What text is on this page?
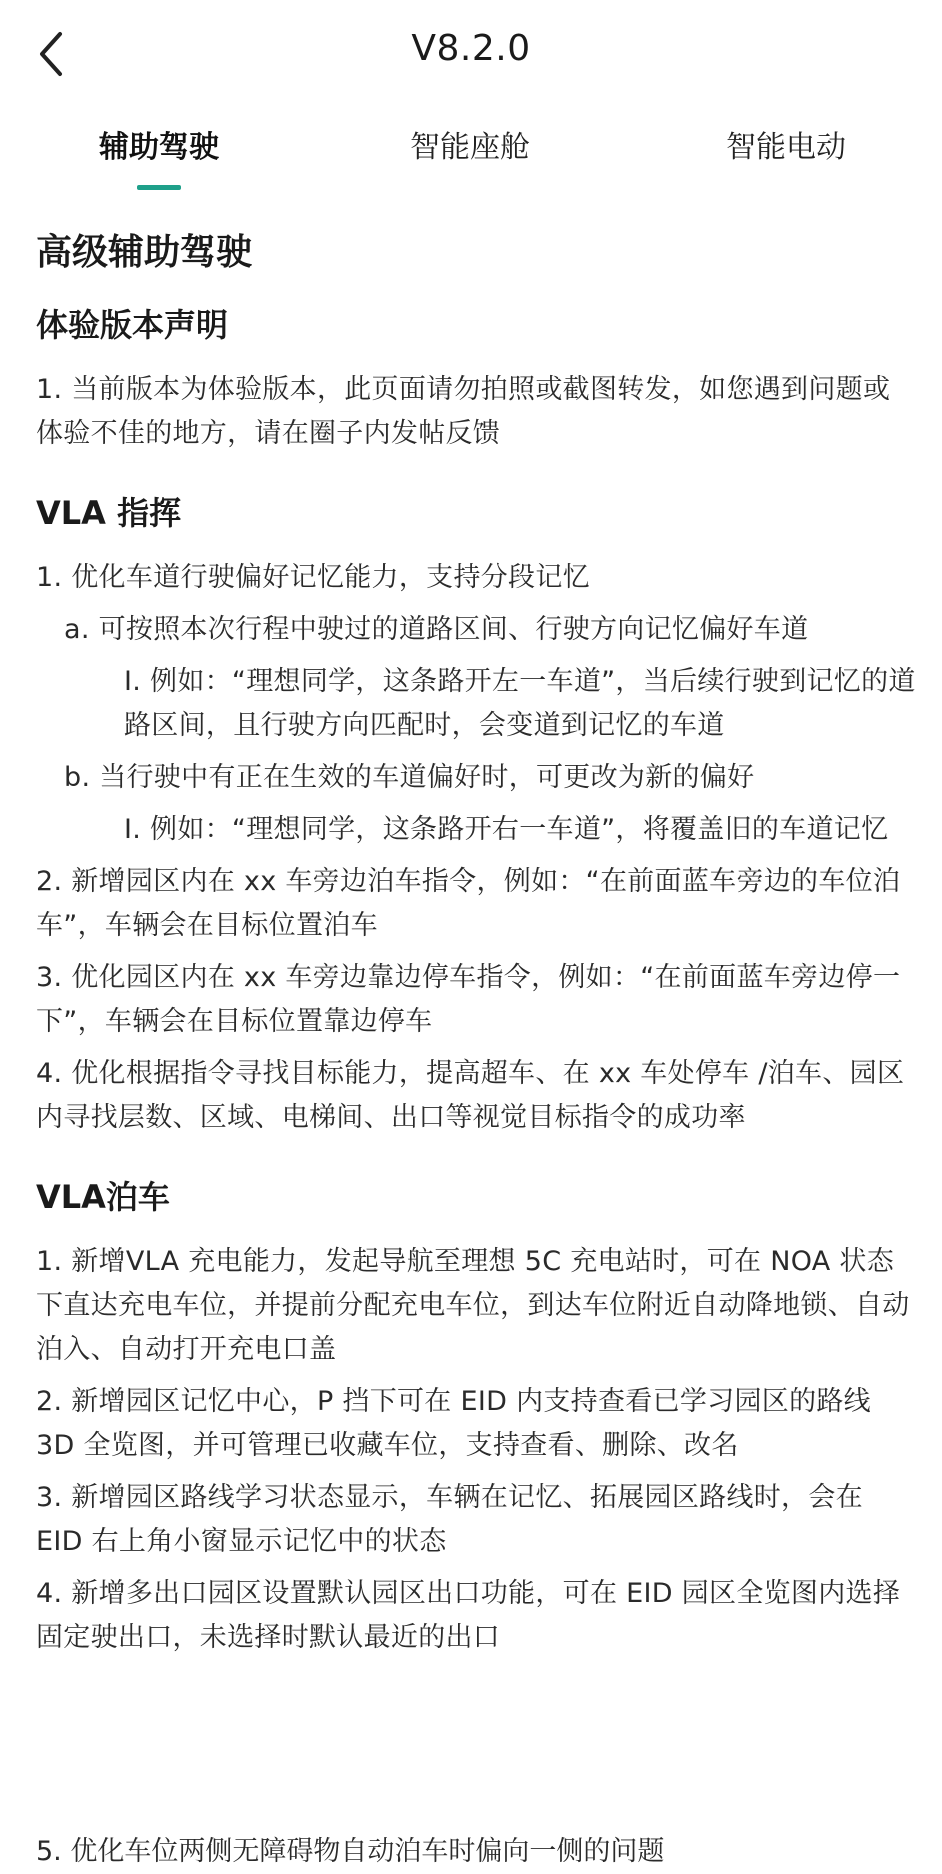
V8.2.0
辅助驾驶	智能座舱	智能电动
高级辅助驾驶
体验版本声明
1. 当前版本为体验版本，此页面请勿拍照或截图转发，如您遇到问题或体验不佳的地方，请在圈子内发帖反馈
VLA 指挥
1. 优化车道行驶偏好记忆能力，支持分段记忆
a. 可按照本次行程中驶过的道路区间、行驶方向记忆偏好车道
I. 例如：“理想同学，这条路开左一车道”，当后续行驶到记忆的道路区间，且行驶方向匹配时，会变道到记忆的车道
b. 当行驶中有正在生效的车道偏好时，可更改为新的偏好
I. 例如：“理想同学，这条路开右一车道”，将覆盖旧的车道记忆
2. 新增园区内在 xx 车旁边泊车指令，例如：“在前面蓝车旁边的车位泊车”，车辆会在目标位置泊车
3. 优化园区内在 xx 车旁边靠边停车指令，例如：“在前面蓝车旁边停一下”，车辆会在目标位置靠边停车
4. 优化根据指令寻找目标能力，提高超车、在 xx 车处停车 /泊车、园区内寻找层数、区域、电梯间、出口等视觉目标指令的成功率
VLA泊车
1. 新增VLA 充电能力，发起导航至理想 5C 充电站时，可在 NOA 状态下直达充电车位，并提前分配充电车位，到达车位附近自动降地锁、自动泊入、自动打开充电口盖
2. 新增园区记忆中心，P 挡下可在 EID 内支持查看已学习园区的路线 3D 全览图，并可管理已收藏车位，支持查看、删除、改名
3. 新增园区路线学习状态显示，车辆在记忆、拓展园区路线时，会在 EID 右上角小窗显示记忆中的状态
4. 新增多出口园区设置默认园区出口功能，可在 EID 园区全览图内选择固定驶出口，未选择时默认最近的出口
5. 优化车位两侧无障碍物自动泊车时偏向一侧的问题
